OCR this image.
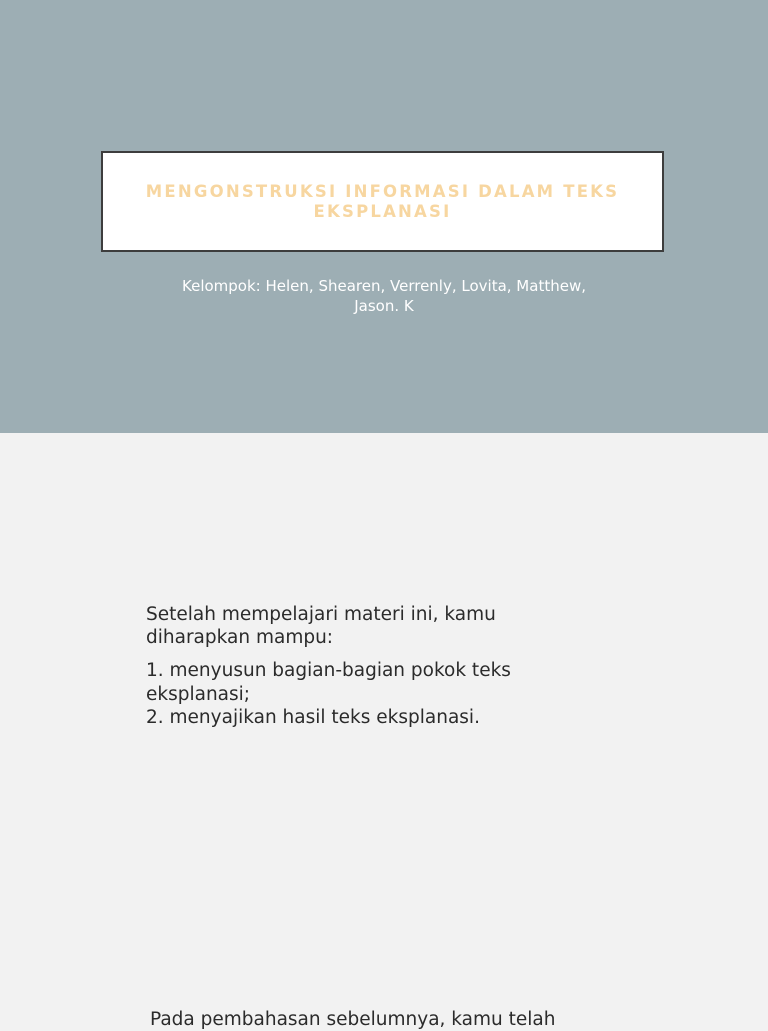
MENGONSTRUKSI INFORMASI DALAM TEKS EKSPLANASI
Kelompok: Helen, Shearen, Verrenly, Lovita, Matthew, Jason. K
Setelah mempelajari materi ini, kamu diharapkan mampu:
1. menyusun bagian-bagian pokok teks eksplanasi;
2. menyajikan hasil teks eksplanasi.
Pada pembahasan sebelumnya, kamu telah
